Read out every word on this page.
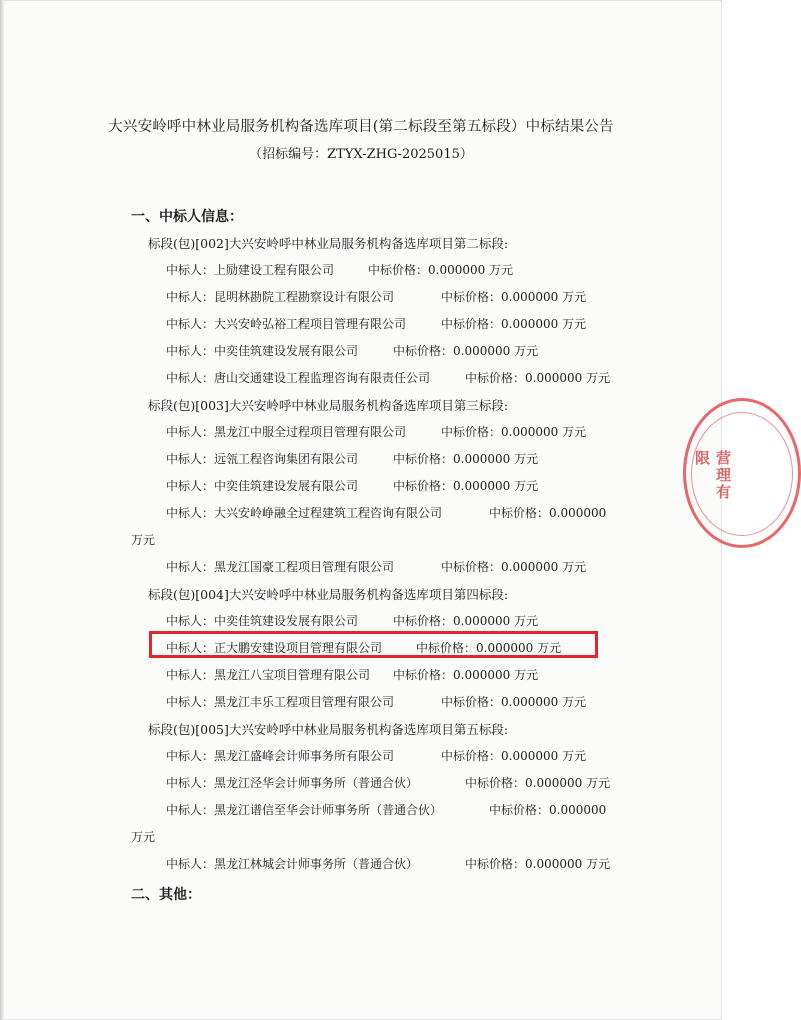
大兴安岭呼中林业局服务机构备选库项目(第二标段至第五标段）中标结果公告
（招标编号：ZTYX-ZHG-2025015）
一、中标人信息：
标段(包)[002]大兴安岭呼中林业局服务机构备选库项目第二标段:
中标人： 上励建设工程有限公司	中标价格：0.000000 万元
中标人： 昆明林勘院工程勘察设计有限公司	中标价格：0.000000 万元
中标人： 大兴安岭弘裕工程项目管理有限公司	中标价格：0.000000 万元
中标人： 中奕佳筑建设发展有限公司	中标价格：0.000000 万元
中标人： 唐山交通建设工程监理咨询有限责任公司	中标价格：0.000000 万元
标段(包)[003]大兴安岭呼中林业局服务机构备选库项目第三标段:
中标人： 黑龙江中服全过程项目管理有限公司	中标价格：0.000000 万元
中标人： 远瓴工程咨询集团有限公司	中标价格：0.000000 万元
中标人： 中奕佳筑建设发展有限公司	中标价格：0.000000 万元
中标人： 大兴安岭峥融全过程建筑工程咨询有限公司	中标价格：0.000000
万元
中标人： 黑龙江国豪工程项目管理有限公司	中标价格：0.000000 万元
标段(包)[004]大兴安岭呼中林业局服务机构备选库项目第四标段:
中标人： 中奕佳筑建设发展有限公司	中标价格：0.000000 万元
中标人： 正大鹏安建设项目管理有限公司	中标价格：0.000000 万元
中标人： 黑龙江八宝项目管理有限公司 中标价格：0.000000 万元
中标人： 黑龙江丰乐工程项目管理有限公司	中标价格：0.000000 万元
标段(包)[005]大兴安岭呼中林业局服务机构备选库项目第五标段:
中标人： 黑龙江盛峰会计师事务所有限公司	中标价格：0.000000 万元
中标人： 黑龙江泾华会计师事务所（普通合伙）	中标价格：0.000000 万元
中标人： 黑龙江谱信至华会计师事务所（普通合伙）	中标价格：0.000000
万元
中标人： 黑龙江林城会计师事务所（普通合伙）	中标价格：0.000000 万元
二、其他：
营理有限
